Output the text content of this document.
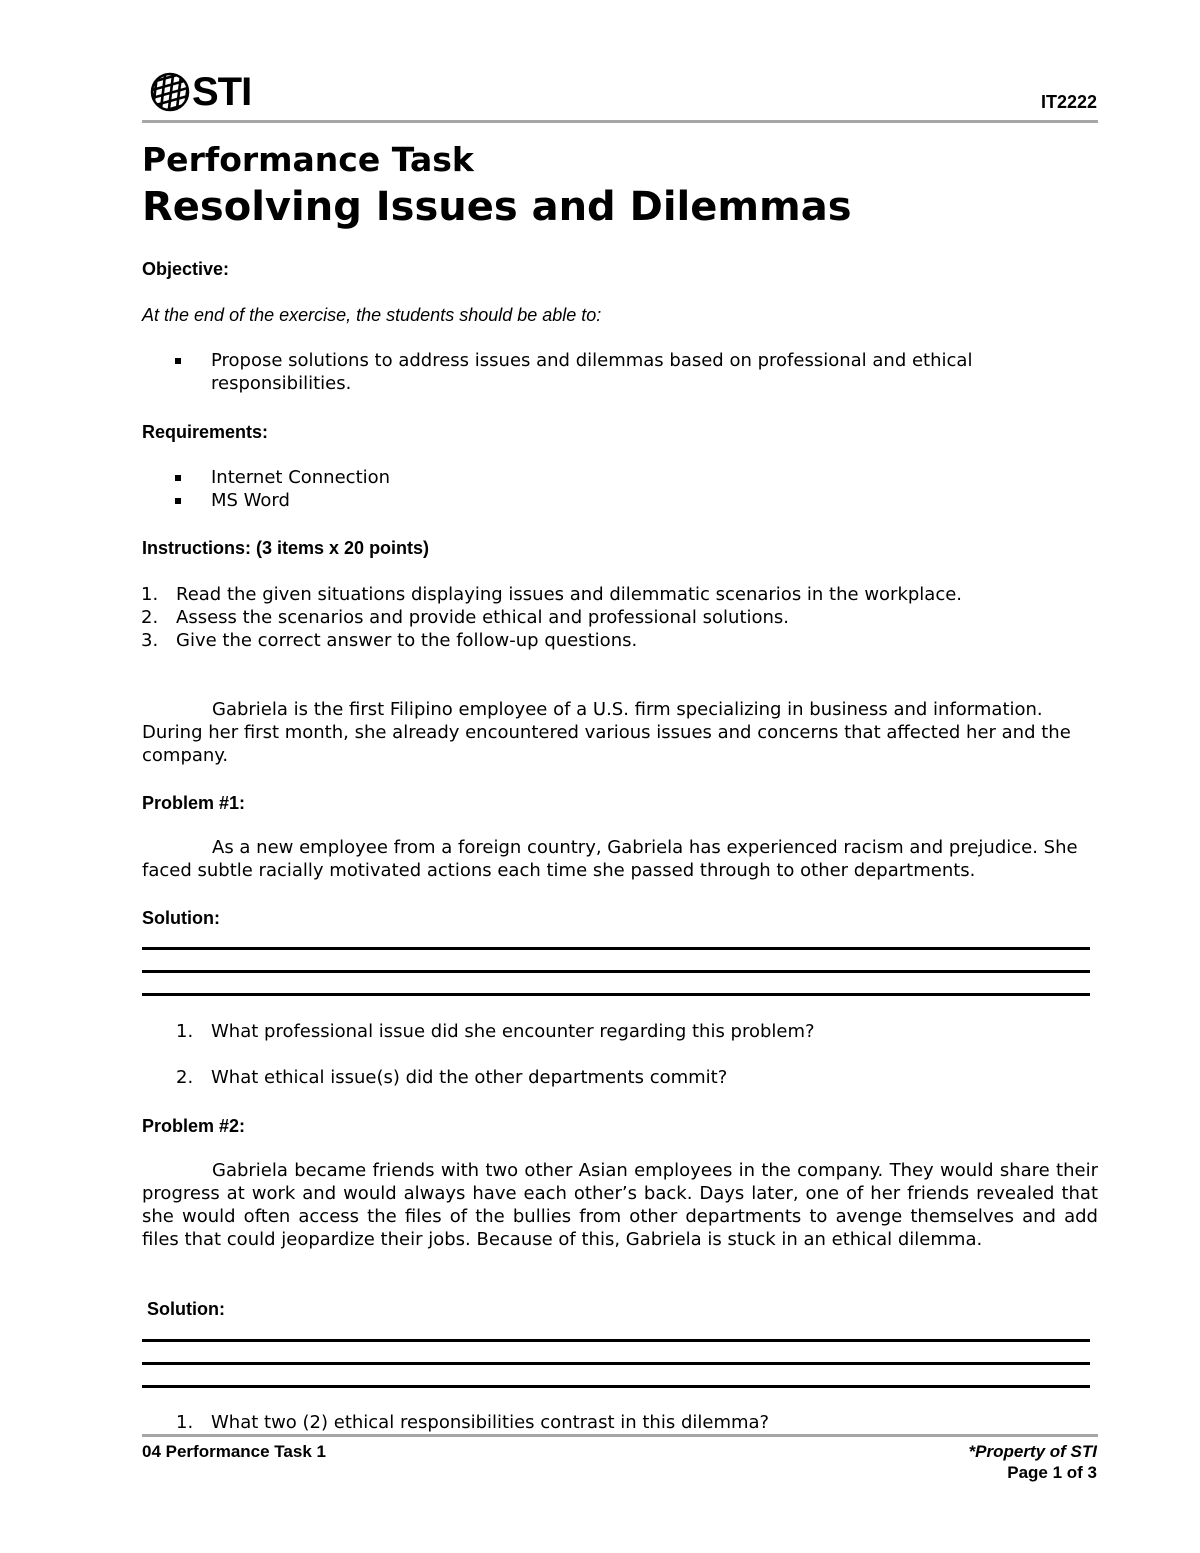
STI	IT2222
Performance Task
Resolving Issues and Dilemmas
Objective:
At the end of the exercise, the students should be able to:
Propose solutions to address issues and dilemmas based on professional and ethical
responsibilities.
Requirements:
Internet Connection
MS Word
Instructions: (3 items x 20 points)
1. Read the given situations displaying issues and dilemmatic scenarios in the workplace.
2. Assess the scenarios and provide ethical and professional solutions.
3. Give the correct answer to the follow-up questions.
Gabriela is the first Filipino employee of a U.S. firm specializing in business and information. During her first month, she already encountered various issues and concerns that affected her and the company.
Problem #1:
As a new employee from a foreign country, Gabriela has experienced racism and prejudice. She faced subtle racially motivated actions each time she passed through to other departments.
Solution:
1. What professional issue did she encounter regarding this problem?
2. What ethical issue(s) did the other departments commit?
Problem #2:
Gabriela became friends with two other Asian employees in the company. They would share their progress at work and would always have each other’s back. Days later, one of her friends revealed that she would often access the files of the bullies from other departments to avenge themselves and add files that could jeopardize their jobs. Because of this, Gabriela is stuck in an ethical dilemma.
Solution:
1. What two (2) ethical responsibilities contrast in this dilemma?
04 Performance Task 1	*Property of STI
Page 1 of 3
